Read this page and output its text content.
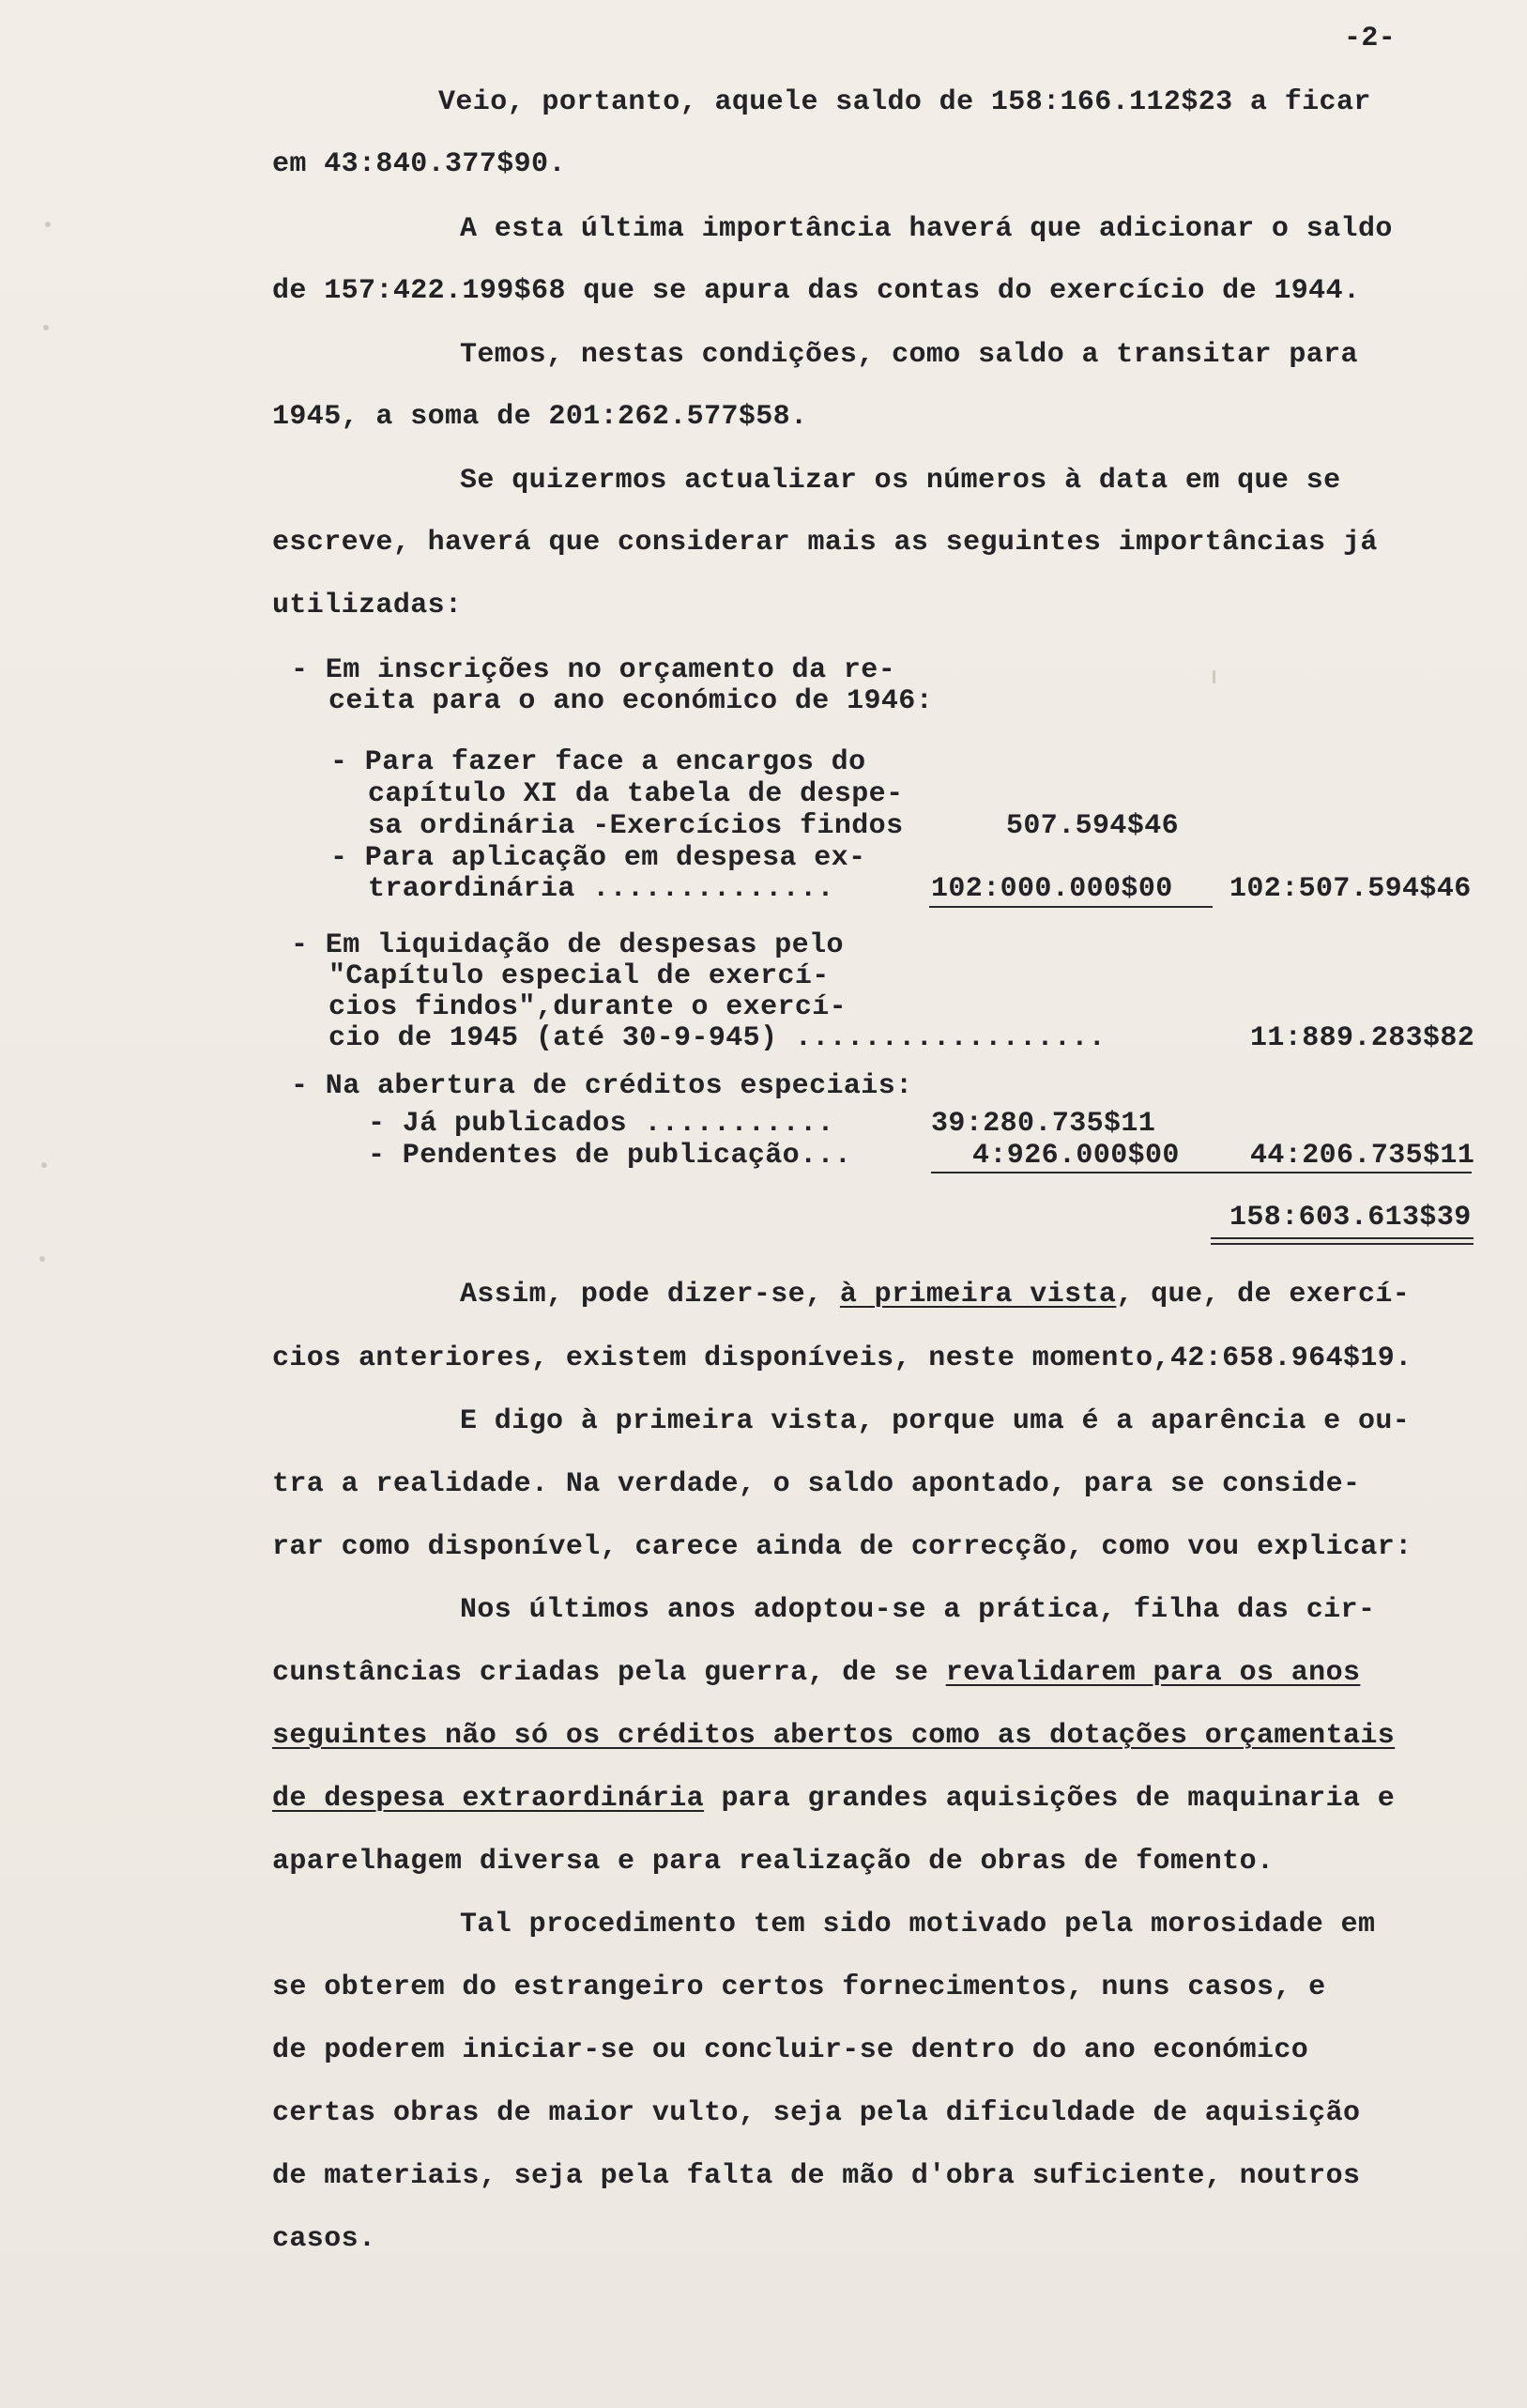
-2-
Veio, portanto, aquele saldo de 158:166.112$23 a ficar
em 43:840.377$90.
A esta última importância haverá que adicionar o saldo
de 157:422.199$68 que se apura das contas do exercício de 1944.
Temos, nestas condições, como saldo a transitar para
1945, a soma de 201:262.577$58.
Se quizermos actualizar os números à data em que se
escreve, haverá que considerar mais as seguintes importâncias já
utilizadas:
- Em inscrições no orçamento da re-
ceita para o ano económico de 1946:
- Para fazer face a encargos do
capítulo XI da tabela de despe-
sa ordinária -Exercícios findos	507.594$46
- Para aplicação em despesa ex-
traordinária ..............	102:000.000$00 102:507.594$46
- Em liquidação de despesas pelo
"Capítulo especial de exercí-
cios findos",durante o exercí-
cio de 1945 (até 30-9-945) ..................	11:889.283$82
- Na abertura de créditos especiais:
- Já publicados ...........	39:280.735$11
- Pendentes de publicação...	4:926.000$00	44:206.735$11
158:603.613$39
Assim, pode dizer-se, à primeira vista, que, de exercí-
cios anteriores, existem disponíveis, neste momento,42:658.964$19.
E digo à primeira vista, porque uma é a aparência e ou-
tra a realidade. Na verdade, o saldo apontado, para se conside-
rar como disponível, carece ainda de correcção, como vou explicar:
Nos últimos anos adoptou-se a prática, filha das cir-
cunstâncias criadas pela guerra, de se revalidarem para os anos
seguintes não só os créditos abertos como as dotações orçamentais
de despesa extraordinária para grandes aquisições de maquinaria e
aparelhagem diversa e para realização de obras de fomento.
Tal procedimento tem sido motivado pela morosidade em
se obterem do estrangeiro certos fornecimentos, nuns casos, e
de poderem iniciar-se ou concluir-se dentro do ano económico
certas obras de maior vulto, seja pela dificuldade de aquisição
de materiais, seja pela falta de mão d'obra suficiente, noutros
casos.
